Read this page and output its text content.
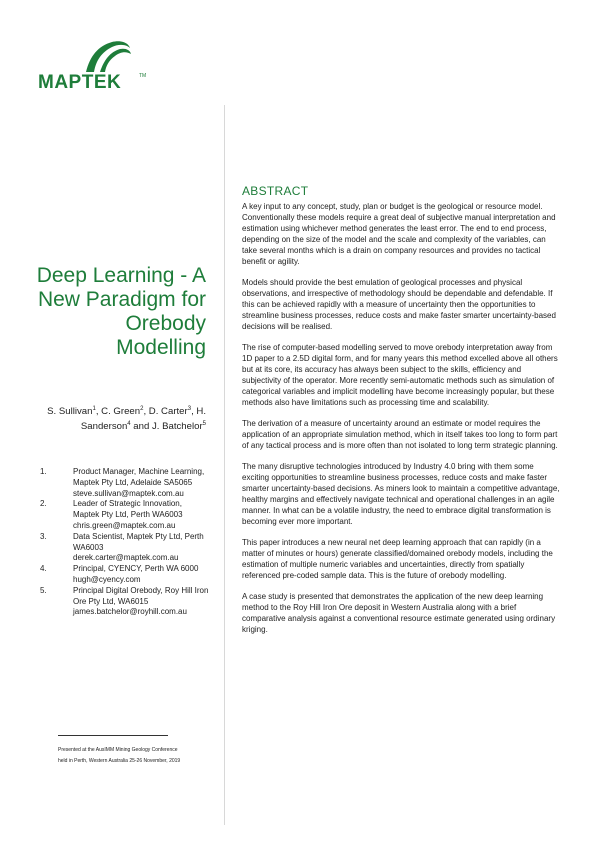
MAPTEK	TM
Deep Learning - A New Paradigm for Orebody Modelling
S. Sullivan$^1$, C. Green$^2$, D. Carter$^3$, H. Sanderson$^4$ and J. Batchelor$^5$
1.	Product Manager, Machine Learning, Maptek Pty Ltd, Adelaide SA5065 steve.sullivan@maptek.com.au
2.	Leader of Strategic Innovation, Maptek Pty Ltd, Perth WA6003 chris.green@maptek.com.au
3.	Data Scientist, Maptek Pty Ltd, Perth WA6003 derek.carter@maptek.com.au
4.	Principal, CYENCY, Perth WA 6000 hugh@cyency.com
5.	Principal Digital Orebody, Roy Hill Iron Ore Pty Ltd, WA6015 james.batchelor@royhill.com.au
Presented at the AusIMM Mining Geology Conference
held in Perth, Western Australia 25-26 November, 2019
ABSTRACT

A key input to any concept, study, plan or budget is the geological or resource model. Conventionally these models require a great deal of subjective manual interpretation and estimation using whichever method generates the least error. The end to end process, depending on the size of the model and the scale and complexity of the variables, can take several months which is a drain on company resources and provides no tactical benefit or agility.

Models should provide the best emulation of geological processes and physical observations, and irrespective of methodology should be dependable and defendable. If this can be achieved rapidly with a measure of uncertainty then the opportunities to streamline business processes, reduce costs and make faster smarter uncertainty-based decisions will be realised.

The rise of computer-based modelling served to move orebody interpretation away from 1D paper to a 2.5D digital form, and for many years this method excelled above all others but at its core, its accuracy has always been subject to the skills, efficiency and subjectivity of the operator. More recently semi-automatic methods such as simulation of categorical variables and implicit modelling have become increasingly popular, but these methods also have limitations such as processing time and scalability.

The derivation of a measure of uncertainty around an estimate or model requires the application of an appropriate simulation method, which in itself takes too long to form part of any tactical process and is more often than not isolated to long term strategic planning.

The many disruptive technologies introduced by Industry 4.0 bring with them some exciting opportunities to streamline business processes, reduce costs and make faster smarter uncertainty-based decisions. As miners look to maintain a competitive advantage, healthy margins and effectively navigate technical and operational challenges in an agile manner. In what can be a volatile industry, the need to embrace digital transformation is becoming ever more important.

This paper introduces a new neural net deep learning approach that can rapidly (in a matter of minutes or hours) generate classified/domained orebody models, including the estimation of multiple numeric variables and uncertainties, directly from spatially referenced pre-coded sample data. This is the future of orebody modelling.

A case study is presented that demonstrates the application of the new deep learning method to the Roy Hill Iron Ore deposit in Western Australia along with a brief comparative analysis against a conventional resource estimate generated using ordinary kriging.
